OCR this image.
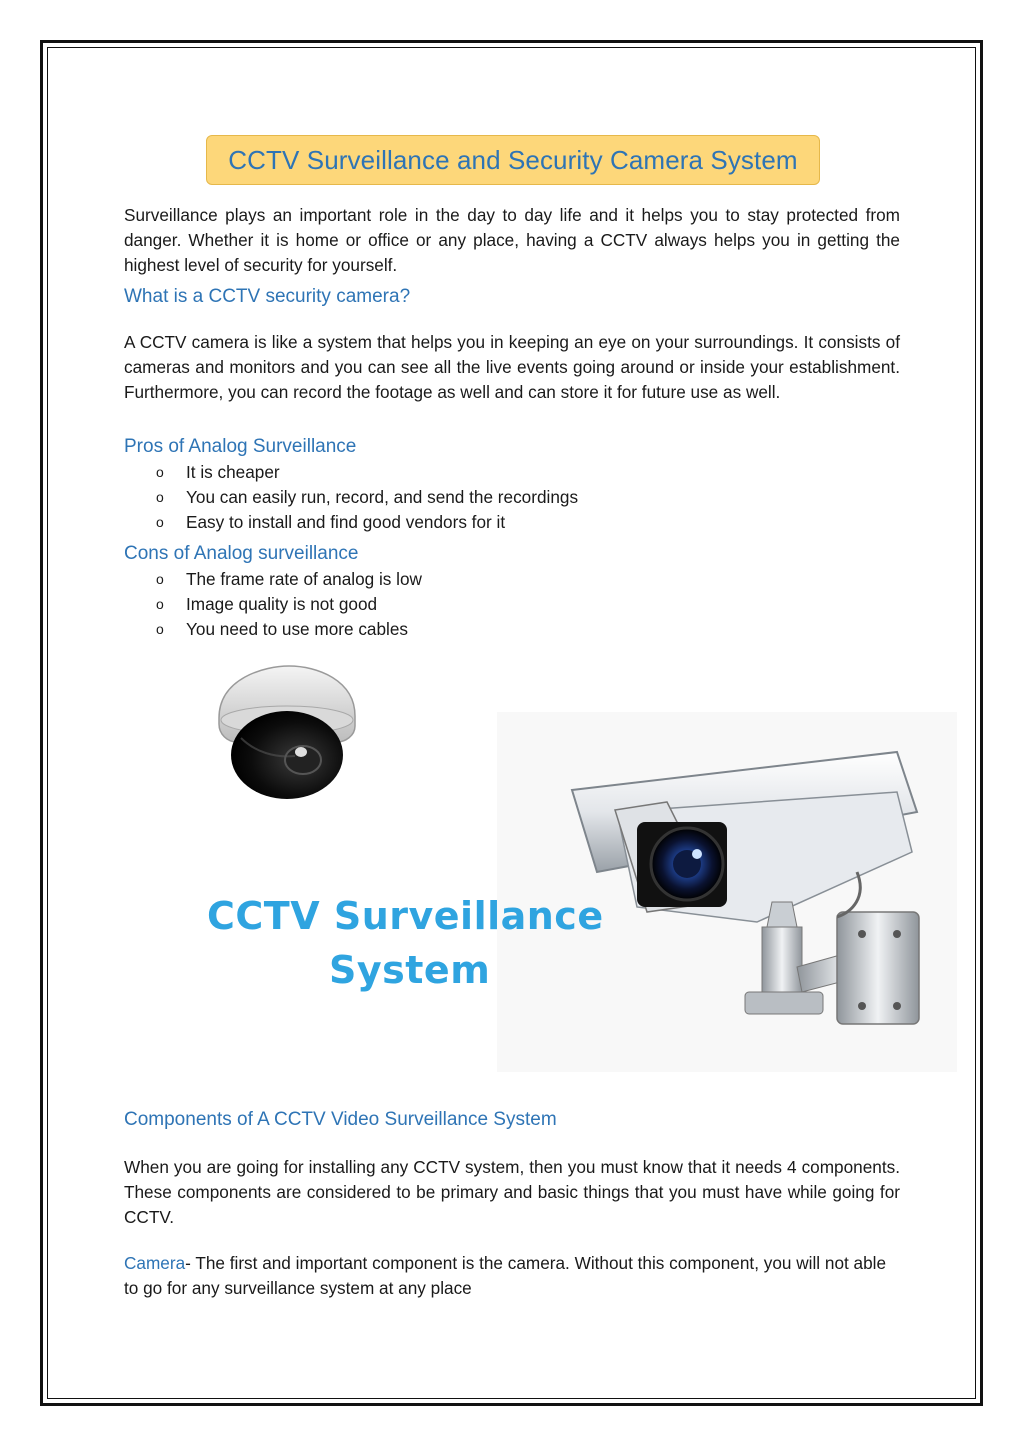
CCTV Surveillance and Security Camera System

Surveillance plays an important role in the day to day life and it helps you to stay protected from danger. Whether it is home or office or any place, having a CCTV always helps you in getting the highest level of security for yourself.

What is a CCTV security camera?

A CCTV camera is like a system that helps you in keeping an eye on your surroundings. It consists of cameras and monitors and you can see all the live events going around or inside your establishment. Furthermore, you can record the footage as well and can store it for future use as well.

Pros of Analog Surveillance
o It is cheaper
o You can easily run, record, and send the recordings
o Easy to install and find good vendors for it
Cons of Analog surveillance
o The frame rate of analog is low
o Image quality is not good
o You need to use more cables
CCTV Surveillance
System
Components of A CCTV Video Surveillance System

When you are going for installing any CCTV system, then you must know that it needs 4 components. These components are considered to be primary and basic things that you must have while going for CCTV.

Camera- The first and important component is the camera. Without this component, you will not able to go for any surveillance system at any place
